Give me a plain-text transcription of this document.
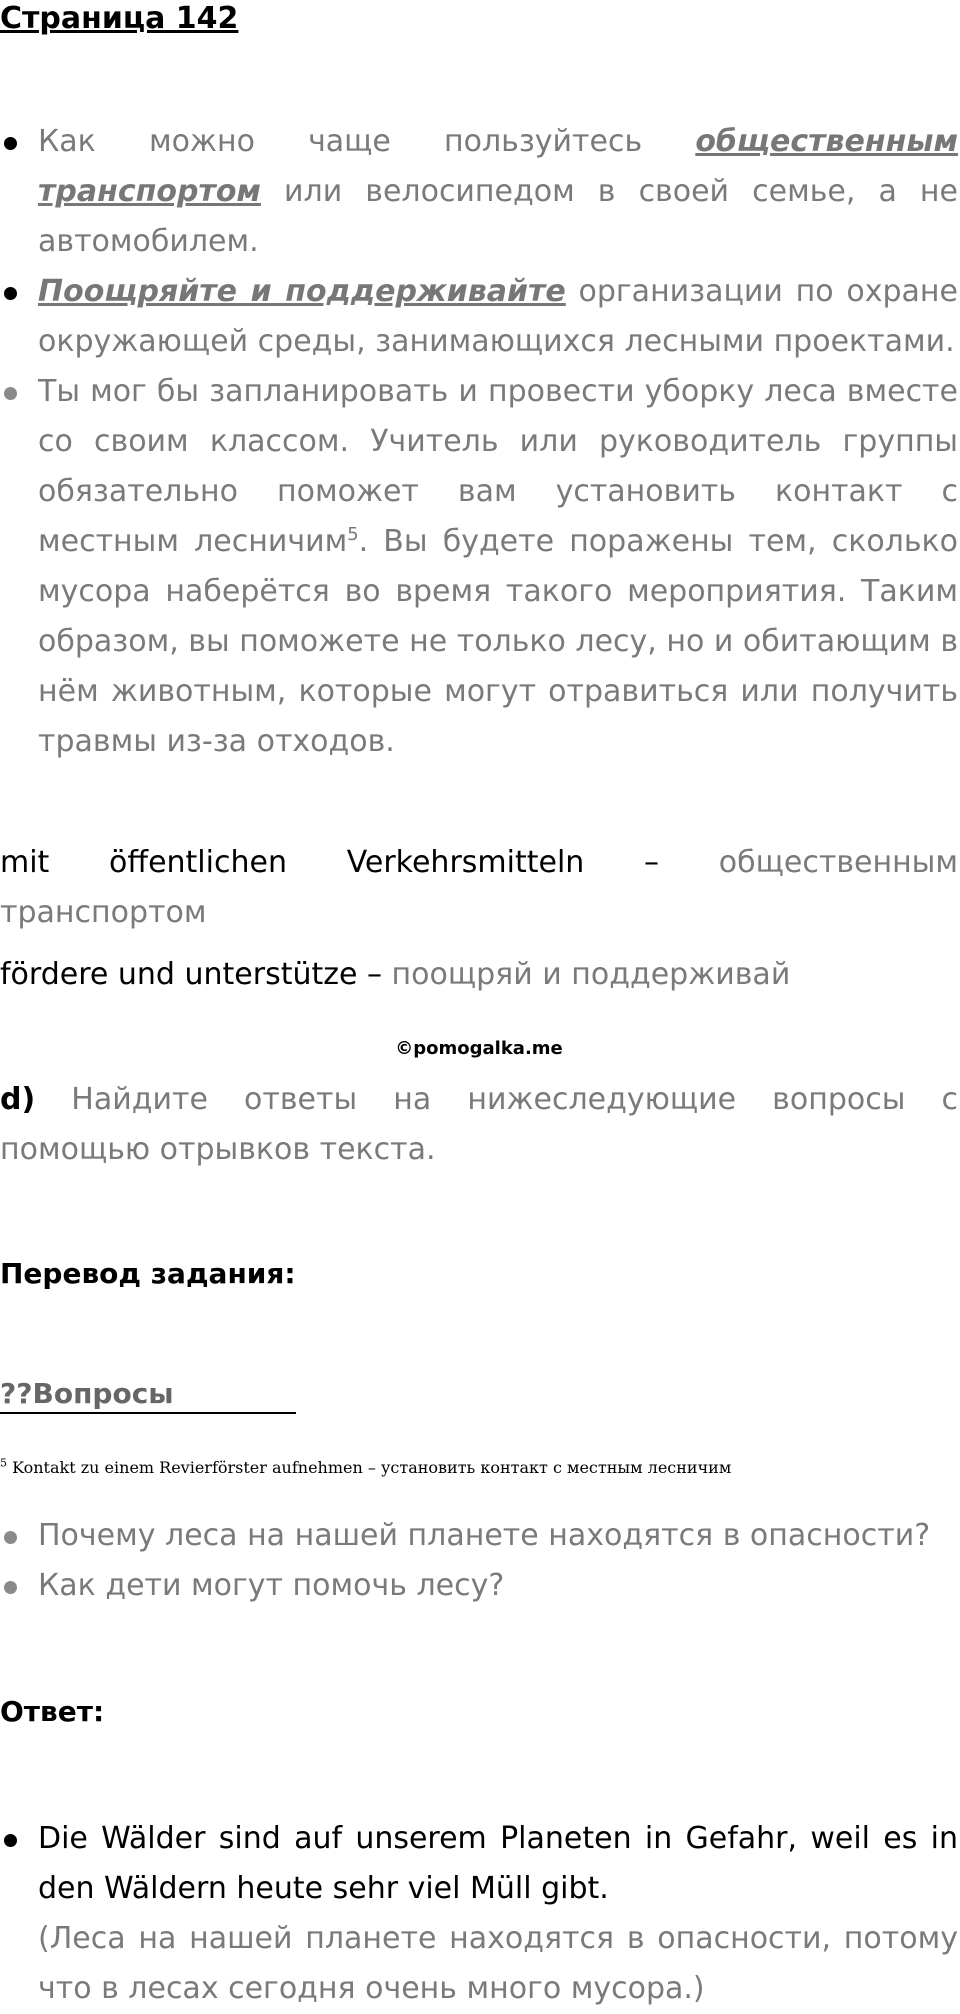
Страница 142
Как можно чаще пользуйтесь общественным транспортом или велосипедом в своей семье, а не автомобилем.
Поощряйте и поддерживайте организации по охране окружающей среды, занимающихся лесными проектами.
Ты мог бы запланировать и провести уборку леса вместе со своим классом. Учитель или руководитель группы обязательно поможет вам установить контакт с местным лесничим$^5$. Вы будете поражены тем, сколько мусора наберётся во время такого мероприятия. Таким образом, вы поможете не только лесу, но и обитающим в нём животным, которые могут отравиться или получить травмы из-за отходов.
mit öffentlichen Verkehrsmitteln – общественным транспортом
fördere und unterstütze – поощряй и поддерживай
©pomogalka.me
d) Найдите ответы на нижеследующие вопросы с помощью отрывков текста.
Перевод задания:
??Вопросы
$^5$ Kontakt zu einem Revierförster aufnehmen – установить контакт с местным лесничим
Почему леса на нашей планете находятся в опасности?
Как дети могут помочь лесу?
Ответ:
Die Wälder sind auf unserem Planeten in Gefahr, weil es in den Wäldern heute sehr viel Müll gibt.
(Леса на нашей планете находятся в опасности, потому что в лесах сегодня очень много мусора.)
